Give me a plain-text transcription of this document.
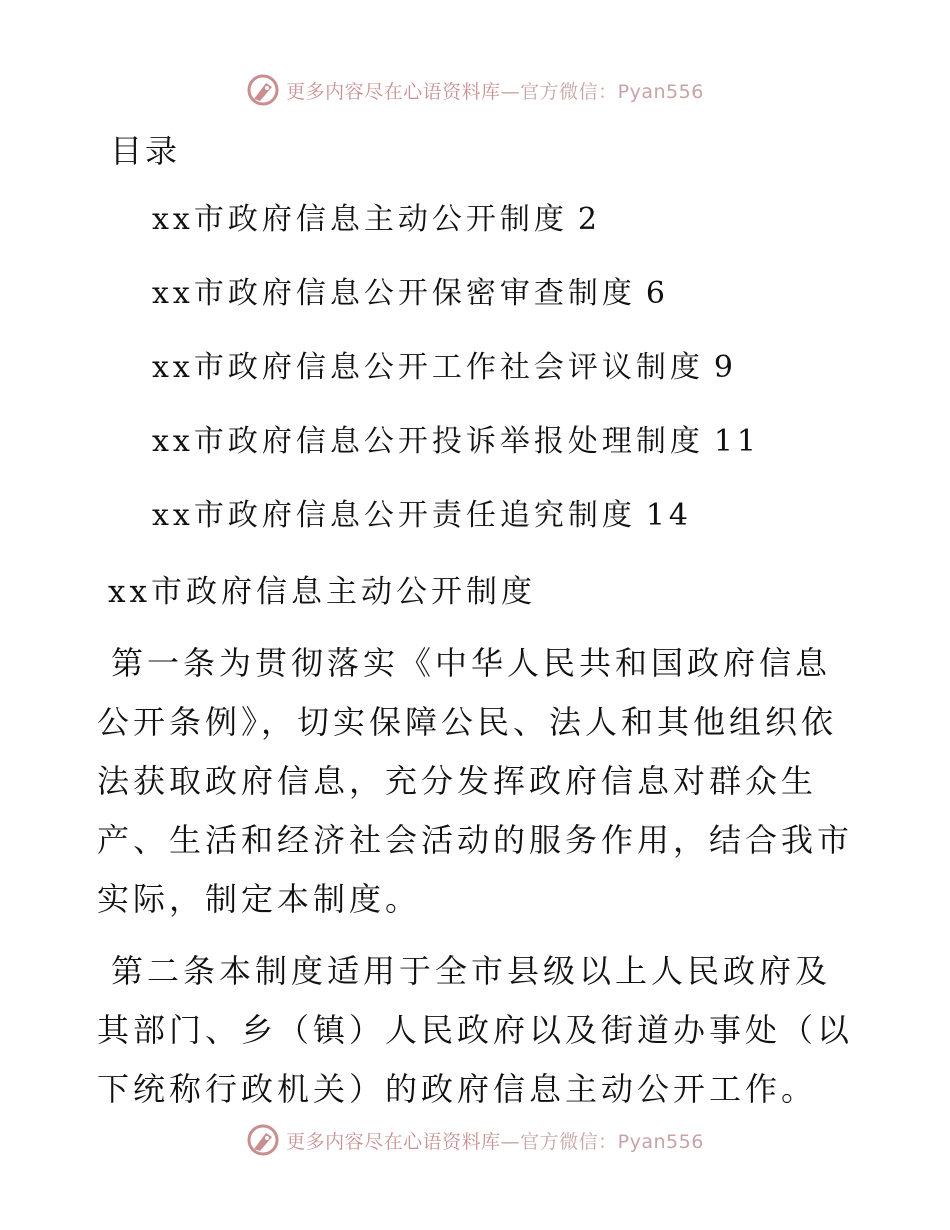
更多内容尽在心语资料库—官方微信：Pyan556
目录
xx市政府信息主动公开制度 2
xx市政府信息公开保密审查制度 6
xx市政府信息公开工作社会评议制度 9
xx市政府信息公开投诉举报处理制度 11
xx市政府信息公开责任追究制度 14
xx市政府信息主动公开制度

第一条为贯彻落实《中华人民共和国政府信息公开条例》，切实保障公民、法人和其他组织依法获取政府信息，充分发挥政府信息对群众生产、生活和经济社会活动的服务作用，结合我市实际，制定本制度。

第二条本制度适用于全市县级以上人民政府及其部门、乡（镇）人民政府以及街道办事处（以下统称行政机关）的政府信息主动公开工作。

更多内容尽在心语资料库—官方微信：Pyan556
